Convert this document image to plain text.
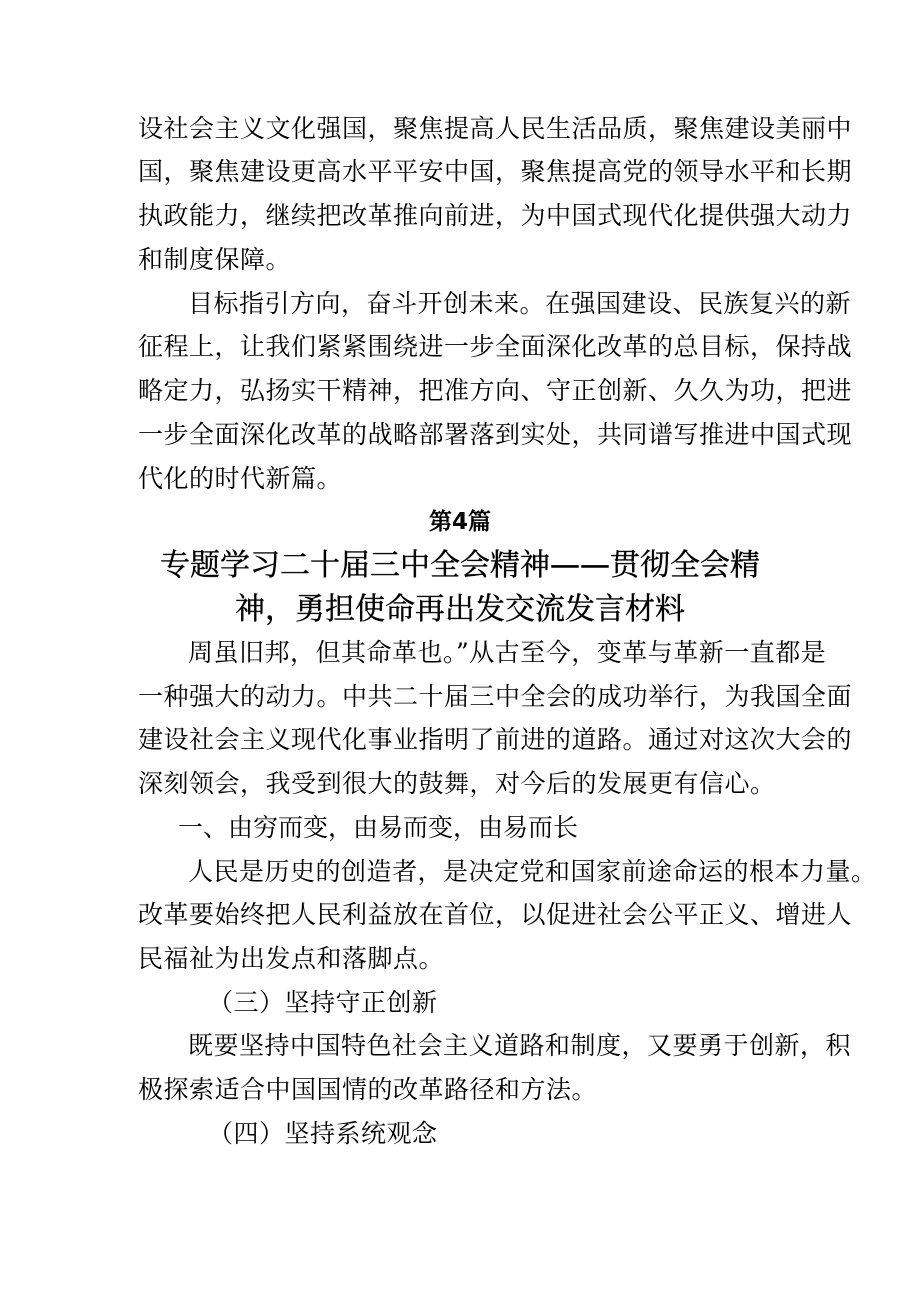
设社会主义文化强国，聚焦提高人民生活品质，聚焦建设美丽中
国，聚焦建设更高水平平安中国，聚焦提高党的领导水平和长期
执政能力，继续把改革推向前进，为中国式现代化提供强大动力
和制度保障。
目标指引方向，奋斗开创未来。在强国建设、民族复兴的新
征程上，让我们紧紧围绕进一步全面深化改革的总目标，保持战
略定力，弘扬实干精神，把准方向、守正创新、久久为功，把进
一步全面深化改革的战略部署落到实处，共同谱写推进中国式现
代化的时代新篇。
第4篇
专题学习二十届三中全会精神——贯彻全会精
神，勇担使命再出发交流发言材料
周虽旧邦，但其命革也。”从古至今，变革与革新一直都是
一种强大的动力。中共二十届三中全会的成功举行，为我国全面
建设社会主义现代化事业指明了前进的道路。通过对这次大会的
深刻领会，我受到很大的鼓舞，对今后的发展更有信心。
一、由穷而变，由易而变，由易而长
人民是历史的创造者，是决定党和国家前途命运的根本力量。
改革要始终把人民利益放在首位，以促进社会公平正义、增进人
民福祉为出发点和落脚点。
（三）坚持守正创新
既要坚持中国特色社会主义道路和制度，又要勇于创新，积
极探索适合中国国情的改革路径和方法。
（四）坚持系统观念
